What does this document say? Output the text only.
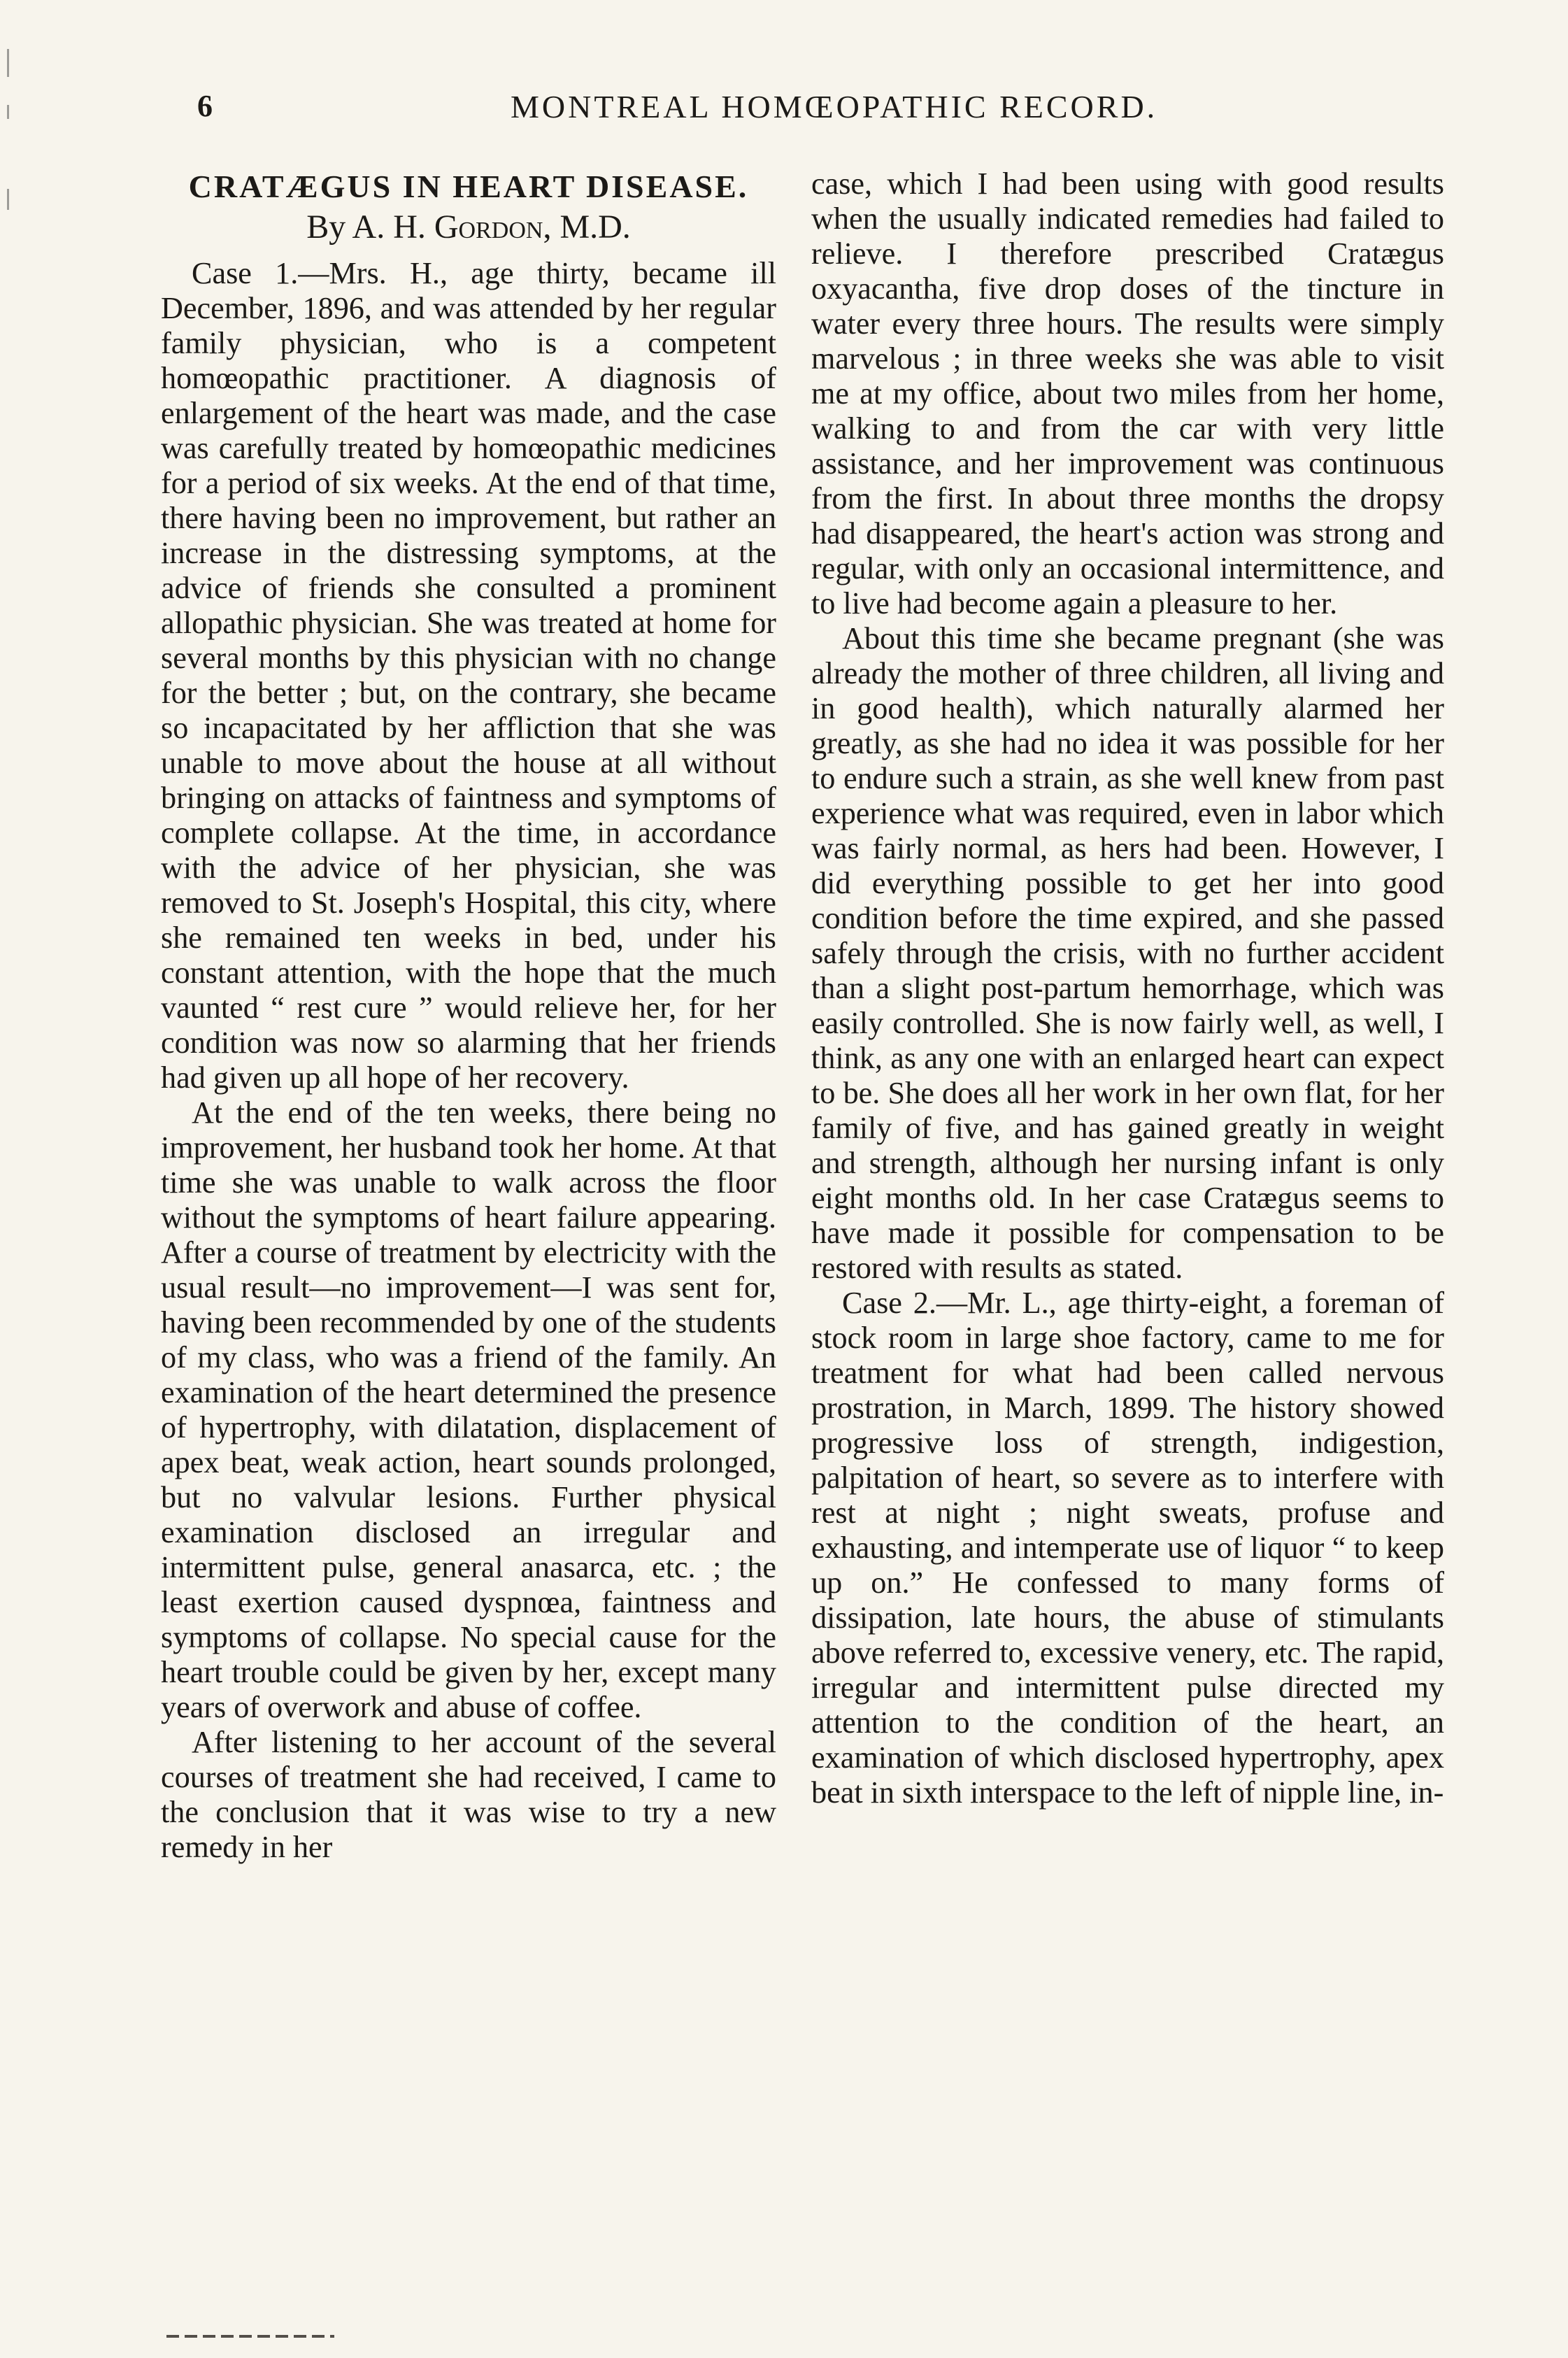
6	MONTREAL HOMŒOPATHIC RECORD.
CRATÆGUS IN HEART DISEASE.

By A. H. Gordon, M.D.

Case 1.—Mrs. H., age thirty, became ill December, 1896, and was attended by her regular family physician, who is a competent homœopathic practitioner. A diagnosis of enlargement of the heart was made, and the case was carefully treated by homœopathic medicines for a period of six weeks. At the end of that time, there having been no improvement, but rather an increase in the distressing symptoms, at the advice of friends she consulted a prominent allopathic physician. She was treated at home for several months by this physician with no change for the better ; but, on the contrary, she became so incapacitated by her affliction that she was unable to move about the house at all without bringing on attacks of faintness and symptoms of complete collapse. At the time, in accordance with the advice of her physician, she was removed to St. Joseph's Hospital, this city, where she remained ten weeks in bed, under his constant attention, with the hope that the much vaunted “ rest cure ” would relieve her, for her condition was now so alarming that her friends had given up all hope of her recovery.

At the end of the ten weeks, there being no improvement, her husband took her home. At that time she was unable to walk across the floor without the symptoms of heart failure appearing. After a course of treatment by electricity with the usual result—no improvement—I was sent for, having been recommended by one of the students of my class, who was a friend of the family. An examination of the heart determined the presence of hypertrophy, with dilatation, displacement of apex beat, weak action, heart sounds prolonged, but no valvular lesions. Further physical examination disclosed an irregular and intermittent pulse, general anasarca, etc. ; the least exertion caused dyspnœa, faintness and symptoms of collapse. No special cause for the heart trouble could be given by her, except many years of overwork and abuse of coffee.

After listening to her account of the several courses of treatment she had received, I came to the conclusion that it was wise to try a new remedy in her

case, which I had been using with good results when the usually indicated remedies had failed to relieve. I therefore prescribed Cratægus oxyacantha, five drop doses of the tincture in water every three hours. The results were simply marvelous ; in three weeks she was able to visit me at my office, about two miles from her home, walking to and from the car with very little assistance, and her improvement was continuous from the first. In about three months the dropsy had disappeared, the heart's action was strong and regular, with only an occasional intermittence, and to live had become again a pleasure to her.

About this time she became pregnant (she was already the mother of three children, all living and in good health), which naturally alarmed her greatly, as she had no idea it was possible for her to endure such a strain, as she well knew from past experience what was required, even in labor which was fairly normal, as hers had been. However, I did everything possible to get her into good condition before the time expired, and she passed safely through the crisis, with no further accident than a slight post-partum hemorrhage, which was easily controlled. She is now fairly well, as well, I think, as any one with an enlarged heart can expect to be. She does all her work in her own flat, for her family of five, and has gained greatly in weight and strength, although her nursing infant is only eight months old. In her case Cratægus seems to have made it possible for compensation to be restored with results as stated.

Case 2.—Mr. L., age thirty-eight, a foreman of stock room in large shoe factory, came to me for treatment for what had been called nervous prostration, in March, 1899. The history showed progressive loss of strength, indigestion, palpitation of heart, so severe as to interfere with rest at night ; night sweats, profuse and exhausting, and intemperate use of liquor “ to keep up on.” He confessed to many forms of dissipation, late hours, the abuse of stimulants above referred to, excessive venery, etc. The rapid, irregular and intermittent pulse directed my attention to the condition of the heart, an examination of which disclosed hypertrophy, apex beat in sixth interspace to the left of nipple line, in-
